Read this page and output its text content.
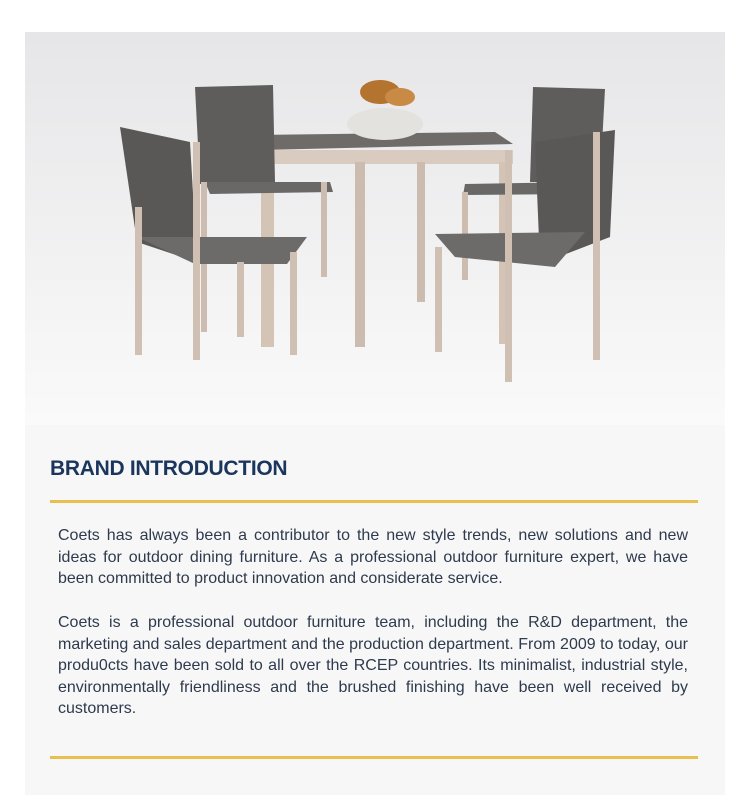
BRAND INTRODUCTION

Coets has always been a contributor to the new style trends, new solutions and new ideas for outdoor dining furniture. As a professional outdoor furniture expert, we have been committed to product innovation and considerate service.

Coets is a professional outdoor furniture team, including the R&D department, the marketing and sales department and the production department. From 2009 to today, our produ0cts have been sold to all over the RCEP countries. Its minimalist, industrial style, environmentally friendliness and the brushed finishing have been well received by customers.
